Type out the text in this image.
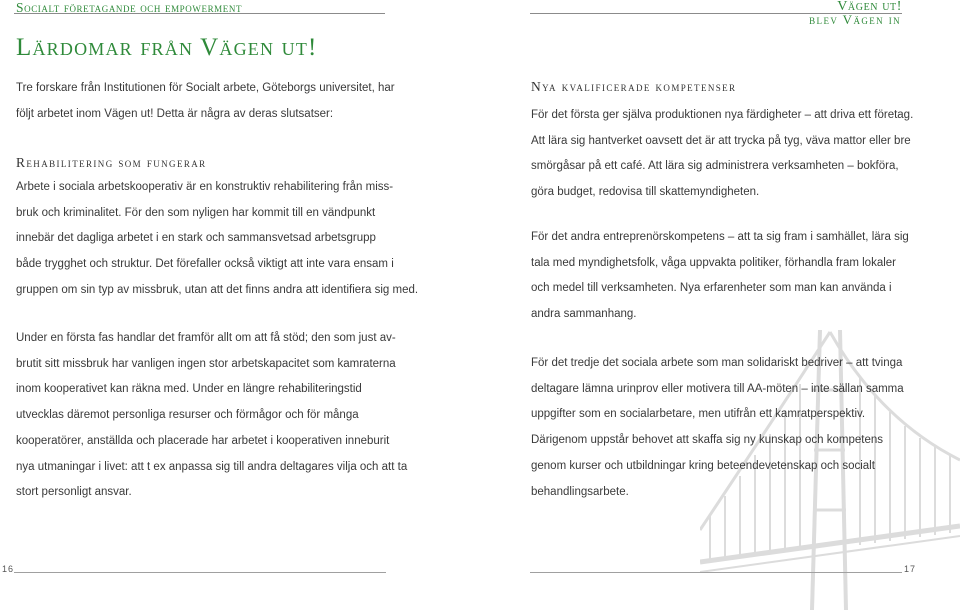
Socialt företagande och empowerment	Vägen ut!
blev Vägen in
Lärdomar från Vägen ut!
Tre forskare från Institutionen för Socialt arbete, Göteborgs universitet, har
följt arbetet inom Vägen ut! Detta är några av deras slutsatser:
Rehabilitering som fungerar
Arbete i sociala arbetskooperativ är en konstruktiv rehabilitering från miss-
bruk och kriminalitet. För den som nyligen har kommit till en vändpunkt
innebär det dagliga arbetet i en stark och sammansvetsad arbetsgrupp
både trygghet och struktur. Det förefaller också viktigt att inte vara ensam i
gruppen om sin typ av missbruk, utan att det finns andra att identifiera sig med.
Under en första fas handlar det framför allt om att få stöd; den som just av-
brutit sitt missbruk har vanligen ingen stor arbetskapacitet som kamraterna
inom kooperativet kan räkna med. Under en längre rehabiliteringstid
utvecklas däremot personliga resurser och förmågor och för många
kooperatörer, anställda och placerade har arbetet i kooperativen inneburit
nya utmaningar i livet: att t ex anpassa sig till andra deltagares vilja och att ta
stort personligt ansvar.
Nya kvalificerade kompetenser
För det första ger själva produktionen nya färdigheter – att driva ett företag.
Att lära sig hantverket oavsett det är att trycka på tyg, väva mattor eller bre
smörgåsar på ett café. Att lära sig administrera verksamheten – bokföra,
göra budget, redovisa till skattemyndigheten.
För det andra entreprenörskompetens – att ta sig fram i samhället, lära sig
tala med myndighetsfolk, våga uppvakta politiker, förhandla fram lokaler
och medel till verksamheten. Nya erfarenheter som man kan använda i
andra sammanhang.
För det tredje det sociala arbete som man solidariskt bedriver – att tvinga
deltagare lämna urinprov eller motivera till AA-möten – inte sällan samma
uppgifter som en socialarbetare, men utifrån ett kamratperspektiv.
Därigenom uppstår behovet att skaffa sig ny kunskap och kompetens
genom kurser och utbildningar kring beteendevetenskap och socialt
behandlingsarbete.
16	17
